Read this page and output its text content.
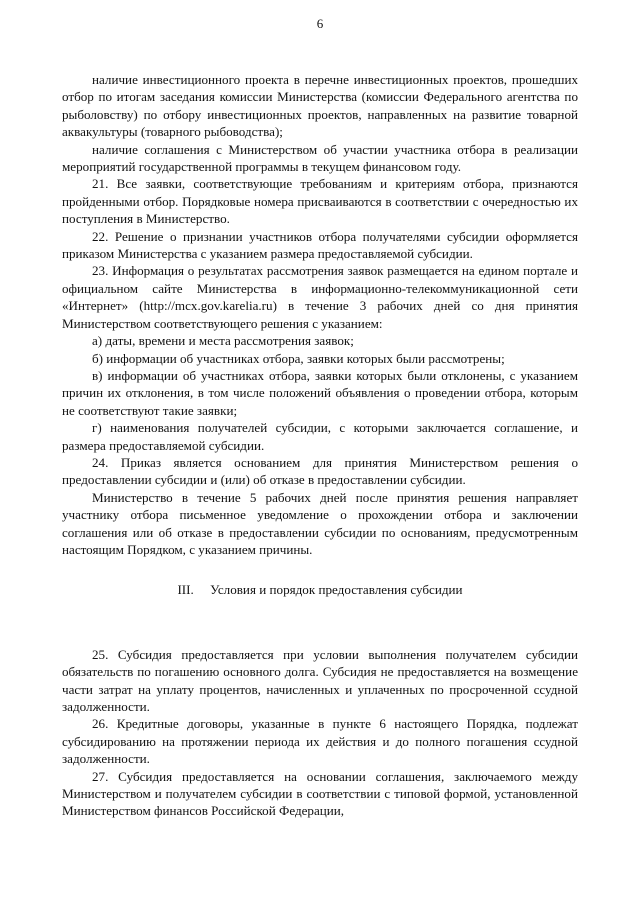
6

наличие инвестиционного проекта в перечне инвестиционных проектов, прошедших отбор по итогам заседания комиссии Министерства (комиссии Федерального агентства по рыболовству) по отбору инвестиционных проектов, направленных на развитие товарной аквакультуры (товарного рыбоводства);

наличие соглашения с Министерством об участии участника отбора в реализации мероприятий государственной программы в текущем финансовом году.

21. Все заявки, соответствующие требованиям и критериям отбора, признаются пройденными отбор. Порядковые номера присваиваются в соответствии с очередностью их поступления в Министерство.

22. Решение о признании участников отбора получателями субсидии оформляется приказом Министерства с указанием размера предоставляемой субсидии.

23. Информация о результатах рассмотрения заявок размещается на едином портале и официальном сайте Министерства в информационно-телекоммуникационной сети «Интернет» (http://mcx.gov.karelia.ru) в течение 3 рабочих дней со дня принятия Министерством соответствующего решения с указанием:

а) даты, времени и места рассмотрения заявок;

б) информации об участниках отбора, заявки которых были рассмотрены;

в) информации об участниках отбора, заявки которых были отклонены, с указанием причин их отклонения, в том числе положений объявления о проведении отбора, которым не соответствуют такие заявки;

г) наименования получателей субсидии, с которыми заключается соглашение, и размера предоставляемой субсидии.

24. Приказ является основанием для принятия Министерством решения о предоставлении субсидии и (или) об отказе в предоставлении субсидии.

Министерство в течение 5 рабочих дней после принятия решения направляет участнику отбора письменное уведомление о прохождении отбора и заключении соглашения или об отказе в предоставлении субсидии по основаниям, предусмотренным настоящим Порядком, с указанием причины.

III.     Условия и порядок предоставления субсидии

25. Субсидия предоставляется при условии выполнения получателем субсидии обязательств по погашению основного долга. Субсидия не предоставляется на возмещение части затрат на уплату процентов, начисленных и уплаченных по просроченной ссудной задолженности.

26. Кредитные договоры, указанные в пункте 6 настоящего Порядка, подлежат субсидированию на протяжении периода их действия и до полного погашения ссудной задолженности.

27. Субсидия предоставляется на основании соглашения, заключаемого между Министерством и получателем субсидии в соответствии с типовой формой, установленной Министерством финансов Российской Федерации,
